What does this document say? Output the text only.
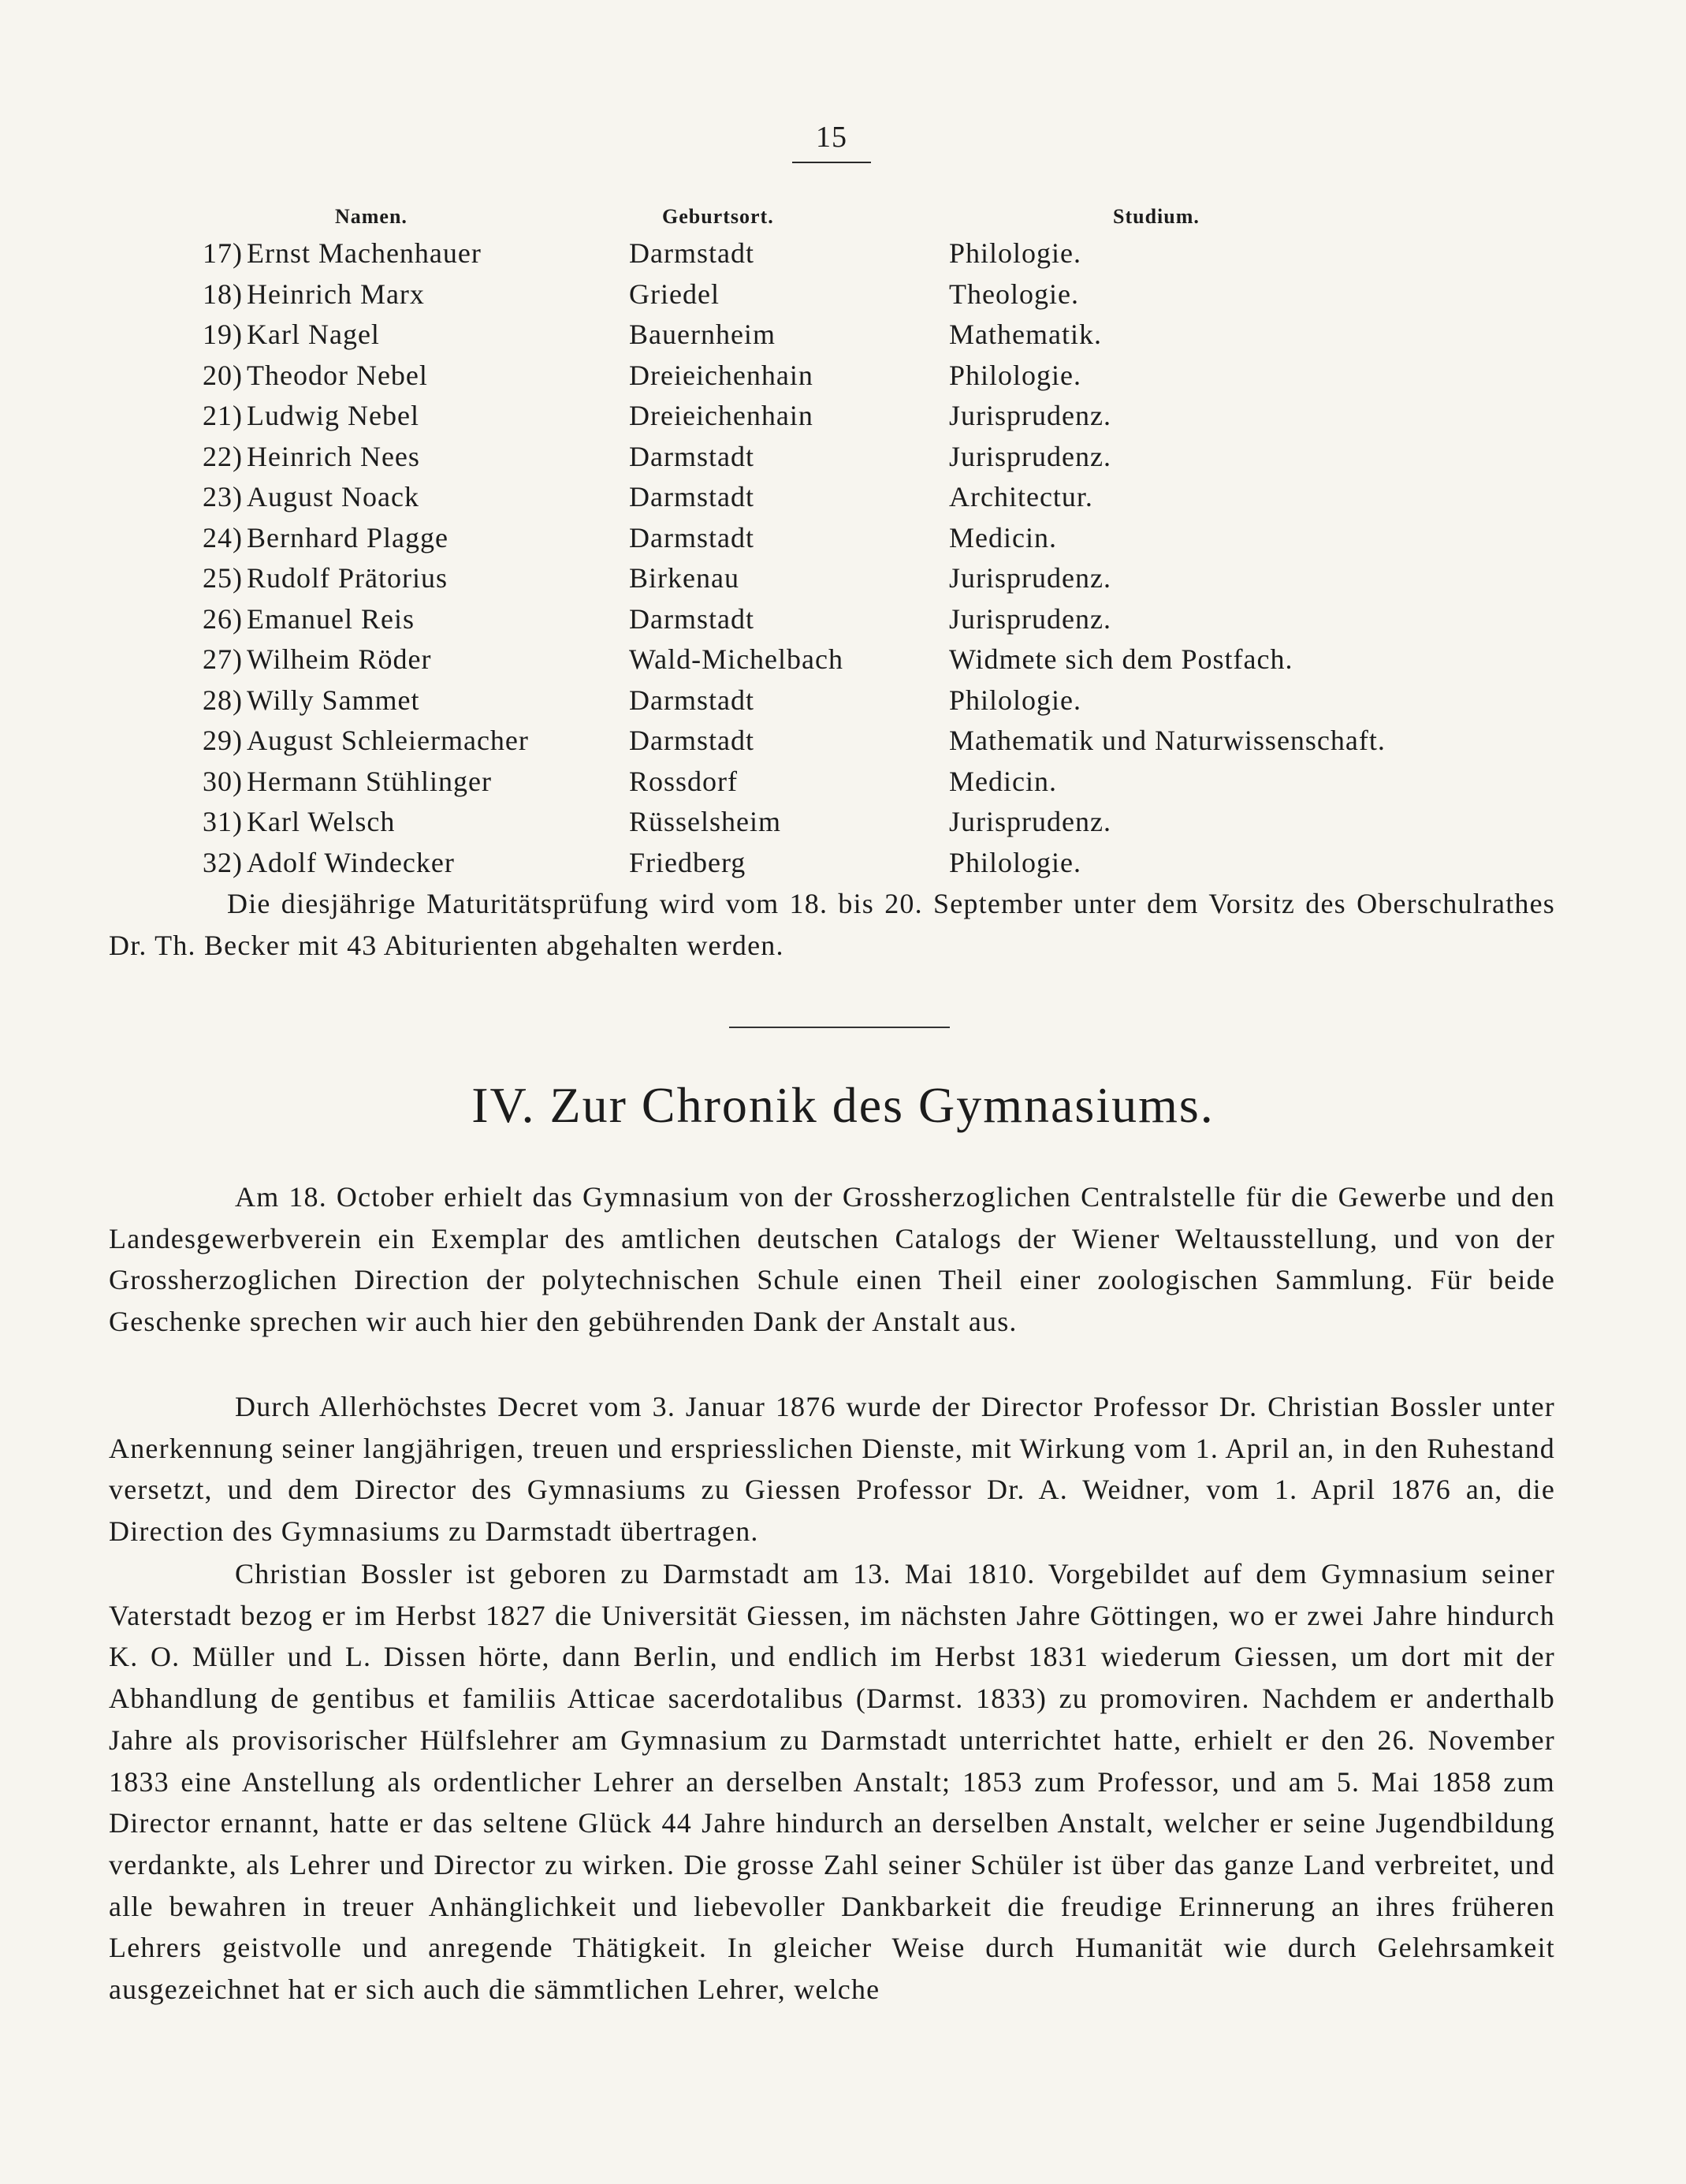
15
Namen.	Geburtsort.	Studium.
17) Ernst Machenhauer	Darmstadt	Philologie.
18) Heinrich Marx	Griedel	Theologie.
19) Karl Nagel	Bauernheim	Mathematik.
20) Theodor Nebel	Dreieichenhain	Philologie.
21) Ludwig Nebel	Dreieichenhain	Jurisprudenz.
22) Heinrich Nees	Darmstadt	Jurisprudenz.
23) August Noack	Darmstadt	Architectur.
24) Bernhard Plagge	Darmstadt	Medicin.
25) Rudolf Prätorius	Birkenau	Jurisprudenz.
26) Emanuel Reis	Darmstadt	Jurisprudenz.
27) Wilheim Röder	Wald-Michelbach	Widmete sich dem Postfach.
28) Willy Sammet	Darmstadt	Philologie.
29) August Schleiermacher	Darmstadt	Mathematik und Naturwissenschaft.
30) Hermann Stühlinger	Rossdorf	Medicin.
31) Karl Welsch	Rüsselsheim	Jurisprudenz.
32) Adolf Windecker	Friedberg	Philologie.

Die diesjährige Maturitätsprüfung wird vom 18. bis 20. September unter dem Vorsitz des Oberschulrathes Dr. Th. Becker mit 43 Abiturienten abgehalten werden.

IV. Zur Chronik des Gymnasiums.

Am 18. October erhielt das Gymnasium von der Grossherzoglichen Centralstelle für die Gewerbe und den Landesgewerbverein ein Exemplar des amtlichen deutschen Catalogs der Wiener Weltausstellung, und von der Grossherzoglichen Direction der polytechnischen Schule einen Theil einer zoologischen Sammlung. Für beide Geschenke sprechen wir auch hier den gebührenden Dank der Anstalt aus.

Durch Allerhöchstes Decret vom 3. Januar 1876 wurde der Director Professor Dr. Christian Bossler unter Anerkennung seiner langjährigen, treuen und erspriesslichen Dienste, mit Wirkung vom 1. April an, in den Ruhestand versetzt, und dem Director des Gymnasiums zu Giessen Professor Dr. A. Weidner, vom 1. April 1876 an, die Direction des Gymnasiums zu Darmstadt übertragen.

Christian Bossler ist geboren zu Darmstadt am 13. Mai 1810. Vorgebildet auf dem Gymnasium seiner Vaterstadt bezog er im Herbst 1827 die Universität Giessen, im nächsten Jahre Göttingen, wo er zwei Jahre hindurch K. O. Müller und L. Dissen hörte, dann Berlin, und endlich im Herbst 1831 wiederum Giessen, um dort mit der Abhandlung de gentibus et familiis Atticae sacerdotalibus (Darmst. 1833) zu promoviren. Nachdem er anderthalb Jahre als provisorischer Hülfslehrer am Gymnasium zu Darmstadt unterrichtet hatte, erhielt er den 26. November 1833 eine Anstellung als ordentlicher Lehrer an derselben Anstalt; 1853 zum Professor, und am 5. Mai 1858 zum Director ernannt, hatte er das seltene Glück 44 Jahre hindurch an derselben Anstalt, welcher er seine Jugendbildung verdankte, als Lehrer und Director zu wirken. Die grosse Zahl seiner Schüler ist über das ganze Land verbreitet, und alle bewahren in treuer Anhänglichkeit und liebevoller Dankbarkeit die freudige Erinnerung an ihres früheren Lehrers geistvolle und anregende Thätigkeit. In gleicher Weise durch Humanität wie durch Gelehrsamkeit ausgezeichnet hat er sich auch die sämmtlichen Lehrer, welche
